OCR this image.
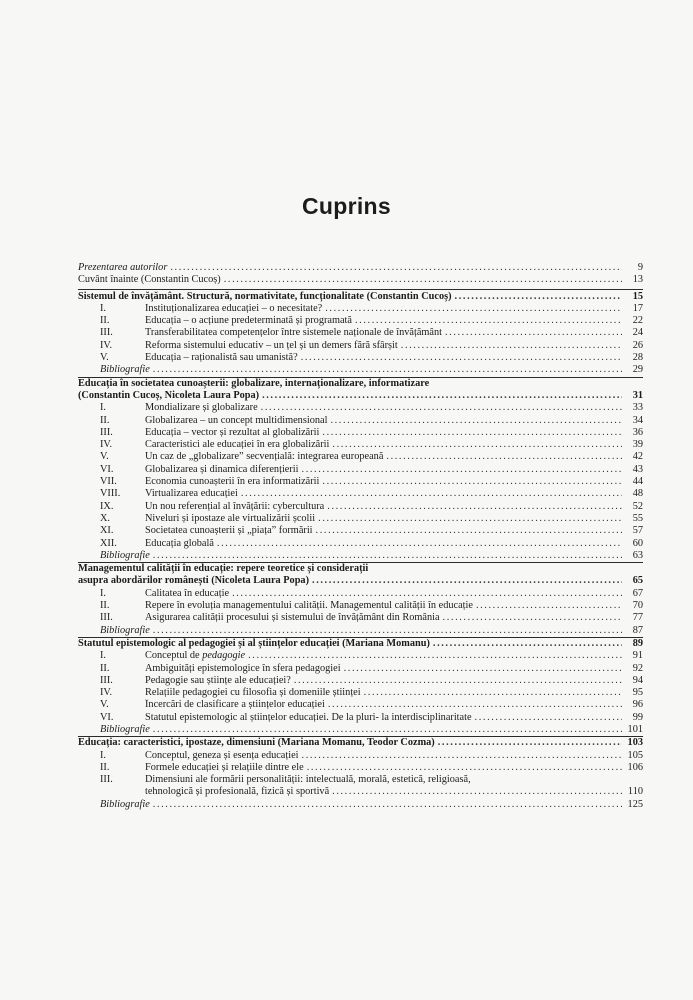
Cuprins
Prezentarea autorilor .....	9
Cuvânt înainte (Constantin Cucoș) .....	13
Sistemul de învățământ. Structură, normativitate, funcționalitate (Constantin Cucoș) .....	15
I.	Instituționalizarea educației – o necesitate? .....	17
II.	Educația – o acțiune predeterminată și programată .....	22
III.	Transferabilitatea competențelor între sistemele naționale de învățământ .....	24
IV.	Reforma sistemului educativ – un țel și un demers fără sfârșit .....	26
V.	Educația – raționalistă sau umanistă? .....	28
Bibliografie .....	29
Educația în societatea cunoașterii: globalizare, internaționalizare, informatizare
(Constantin Cucoș, Nicoleta Laura Popa) .....	31
I.	Mondializare și globalizare .....	33
II.	Globalizarea – un concept multidimensional .....	34
III.	Educația – vector și rezultat al globalizării .....	36
IV.	Caracteristici ale educației în era globalizării .....	39
V.	Un caz de „globalizare” secvențială: integrarea europeană .....	42
VI.	Globalizarea și dinamica diferențierii .....	43
VII.	Economia cunoașterii în era informatizării .....	44
VIII.	Virtualizarea educației .....	48
IX.	Un nou referențial al învățării: cybercultura .....	52
X.	Niveluri și ipostaze ale virtualizării școlii .....	55
XI.	Societatea cunoașterii și „piața” formării .....	57
XII.	Educația globală .....	60
Bibliografie .....	63
Managementul calității în educație: repere teoretice și considerații
asupra abordărilor românești (Nicoleta Laura Popa) .....	65
I.	Calitatea în educație .....	67
II.	Repere în evoluția managementului calității. Managementul calității în educație .....	70
III.	Asigurarea calității procesului și sistemului de învățământ din România .....	77
Bibliografie .....	87
Statutul epistemologic al pedagogiei și al științelor educației (Mariana Momanu) .....	89
I.	Conceptul de pedagogie .....	91
II.	Ambiguități epistemologice în sfera pedagogiei .....	92
III.	Pedagogie sau științe ale educației? .....	94
IV.	Relațiile pedagogiei cu filosofia și domeniile științei .....	95
V.	Încercări de clasificare a științelor educației .....	96
VI.	Statutul epistemologic al științelor educației. De la pluri- la interdisciplinaritate .....	99
Bibliografie .....	101
Educația: caracteristici, ipostaze, dimensiuni (Mariana Momanu, Teodor Cozma) .....	103
I.	Conceptul, geneza și esența educației .....	105
II.	Formele educației și relațiile dintre ele .....	106
III.	Dimensiuni ale formării personalității: intelectuală, morală, estetică, religioasă,
tehnologică și profesională, fizică și sportivă .....	110
Bibliografie .....	125
